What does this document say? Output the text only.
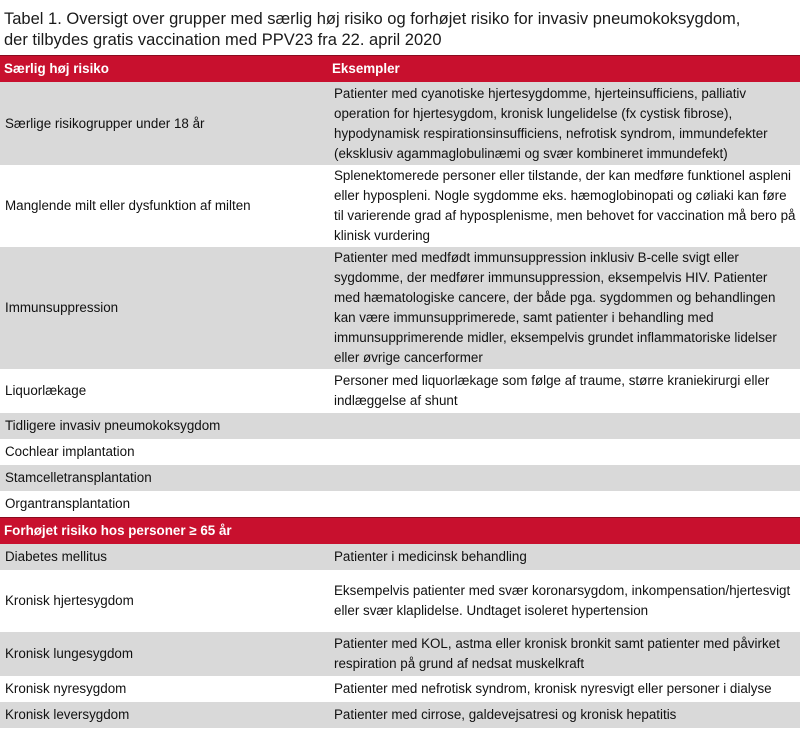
Tabel 1. Oversigt over grupper med særlig høj risiko og forhøjet risiko for invasiv pneumokoksygdom,
der tilbydes gratis vaccination med PPV23 fra 22. april 2020
Særlig høj risiko	Eksempler
Særlige risikogrupper under 18 år	Patienter med cyanotiske hjertesygdomme, hjerteinsufficiens, palliativ operation for hjertesygdom, kronisk lungelidelse (fx cystisk fibrose), hypodynamisk respirationsinsufficiens, nefrotisk syndrom, immundefekter (eksklusiv agammaglobulinæmi og svær kombineret immundefekt)
Manglende milt eller dysfunktion af milten	Splenektomerede personer eller tilstande, der kan medføre funktionel aspleni eller hyposplenі. Nogle sygdomme eks. hæmoglobinopati og cøliaki kan føre til varierende grad af hyposplenisme, men behovet for vaccination må bero på klinisk vurdering
Immunsuppression	Patienter med medfødt immunsuppression inklusiv B-celle svigt eller sygdomme, der medfører immunsuppression, eksempelvis HIV. Patienter med hæmatologiske cancere, der både pga. sygdommen og behandlingen kan være immunsupprimerede, samt patienter i behandling med immunsupprimerende midler, eksempelvis grundet inflammatoriske lidelser eller øvrige cancerformer
Liquorlækage	Personer med liquorlækage som følge af traume, større kraniekirurgi eller indlæggelse af shunt
Tidligere invasiv pneumokoksygdom	
Cochlear implantation	
Stamcelletransplantation	
Organtransplantation	
Forhøjet risiko hos personer ≥ 65 år	
Diabetes mellitus	Patienter i medicinsk behandling
Kronisk hjertesygdom	Eksempelvis patienter med svær koronarsygdom, inkompensation/hjertesvigt eller svær klaplidelse. Undtaget isoleret hypertension
Kronisk lungesygdom	Patienter med KOL, astma eller kronisk bronkit samt patienter med påvirket respiration på grund af nedsat muskelkraft
Kronisk nyresygdom	Patienter med nefrotisk syndrom, kronisk nyresvigt eller personer i dialyse
Kronisk leversygdom	Patienter med cirrose, galdevejsatresi og kronisk hepatitis
